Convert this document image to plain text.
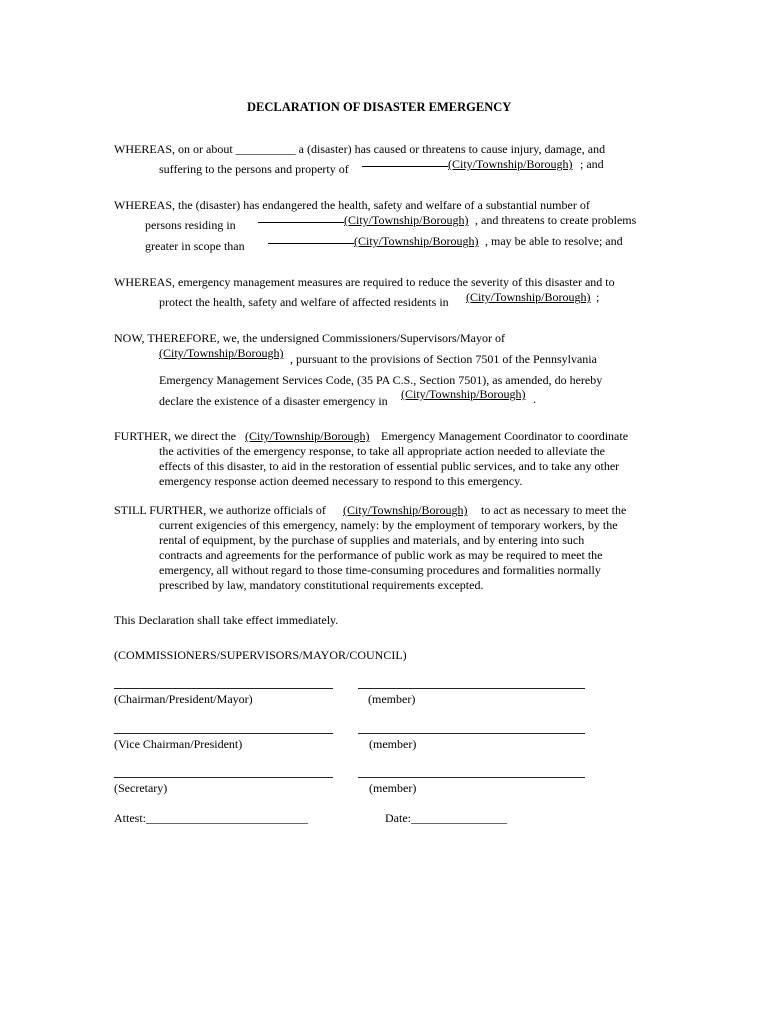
DECLARATION OF DISASTER EMERGENCY
WHEREAS, on or about __________ a (disaster) has caused or threatens to cause injury, damage, and
suffering to the persons and property of	(City/Township/Borough) ; and
WHEREAS, the (disaster) has endangered the health, safety and welfare of a substantial number of
persons residing in	(City/Township/Borough) , and threatens to create problems
greater in scope than	(City/Township/Borough) , may be able to resolve; and
WHEREAS, emergency management measures are required to reduce the severity of this disaster and to
protect the health, safety and welfare of affected residents in (City/Township/Borough) ;
NOW, THEREFORE, we, the undersigned Commissioners/Supervisors/Mayor of
(City/Township/Borough) , pursuant to the provisions of Section 7501 of the Pennsylvania
Emergency Management Services Code, (35 PA C.S., Section 7501), as amended, do hereby
declare the existence of a disaster emergency in (City/Township/Borough) .
FURTHER, we direct the (City/Township/Borough) Emergency Management Coordinator to coordinate
the activities of the emergency response, to take all appropriate action needed to alleviate the
effects of this disaster, to aid in the restoration of essential public services, and to take any other
emergency response action deemed necessary to respond to this emergency.
STILL FURTHER, we authorize officials of (City/Township/Borough) to act as necessary to meet the
current exigencies of this emergency, namely: by the employment of temporary workers, by the
rental of equipment, by the purchase of supplies and materials, and by entering into such
contracts and agreements for the performance of public work as may be required to meet the
emergency, all without regard to those time-consuming procedures and formalities normally
prescribed by law, mandatory constitutional requirements excepted.
This Declaration shall take effect immediately.
(COMMISSIONERS/SUPERVISORS/MAYOR/COUNCIL)
(Chairman/President/Mayor)	(member)
(Vice Chairman/President)	(member)
(Secretary)	(member)
Attest:___________________________	Date:________________
